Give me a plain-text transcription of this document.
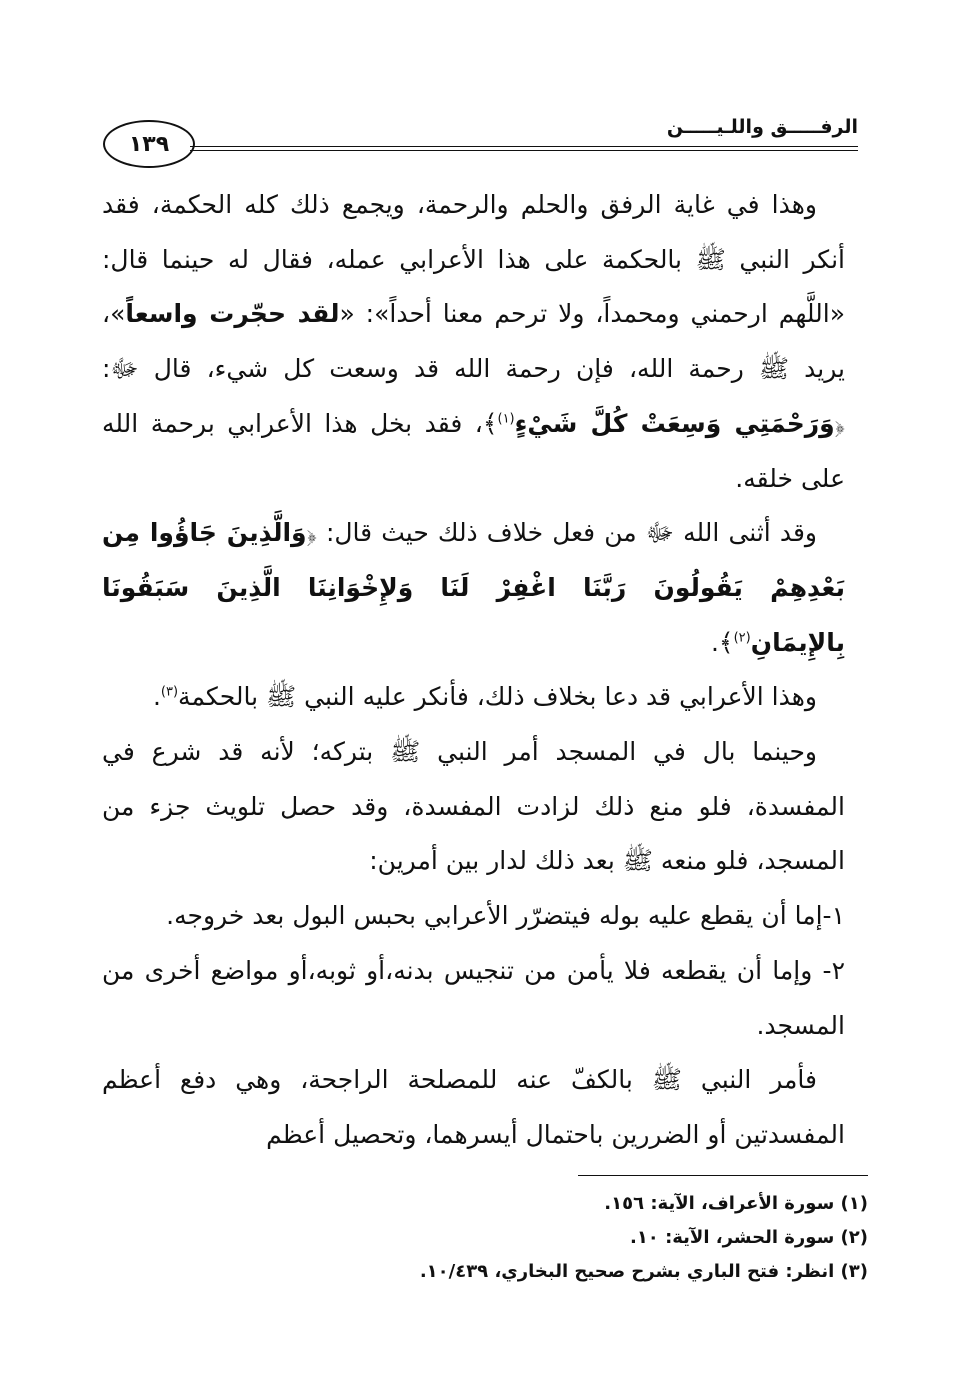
الرفـــــق واللـيـــــن
١٣٩

وهذا في غاية الرفق والحلم والرحمة، ويجمع ذلك كله الحكمة، فقد أنكر النبي ﷺ بالحكمة على هذا الأعرابي عمله، فقال له حينما قال: «اللَّهم ارحمني ومحمداً، ولا ترحم معنا أحداً»: «لقد حجّرت واسعاً»، يريد ﷺ رحمة الله، فإن رحمة الله قد وسعت كل شيء، قال ﷻ: ﴿وَرَحْمَتِي وَسِعَتْ كُلَّ شَيْءٍ$^{(١)}$﴾، فقد بخل هذا الأعرابي برحمة الله على خلقه.

وقد أثنى الله ﷻ من فعل خلاف ذلك حيث قال: ﴿وَالَّذِينَ جَاؤُوا مِن بَعْدِهِمْ يَقُولُونَ رَبَّنَا اغْفِرْ لَنَا وَلإِخْوَانِنَا الَّذِينَ سَبَقُونَا بِالإِيمَانِ$^{(٢)}$﴾.

وهذا الأعرابي قد دعا بخلاف ذلك، فأنكر عليه النبي ﷺ بالحكمة$^{(٣)}$.

وحينما بال في المسجد أمر النبي ﷺ بتركه؛ لأنه قد شرع في المفسدة، فلو منع ذلك لزادت المفسدة، وقد حصل تلويث جزء من المسجد، فلو منعه ﷺ بعد ذلك لدار بين أمرين:

١-إما أن يقطع عليه بوله فيتضرّر الأعرابي بحبس البول بعد خروجه.

٢- وإما أن يقطعه فلا يأمن من تنجيس بدنه،أو ثوبه،أو مواضع أخرى من المسجد.

فأمر النبي ﷺ بالكفّ عنه للمصلحة الراجحة، وهي دفع أعظم المفسدتين أو الضررين باحتمال أيسرهما، وتحصيل أعظم

(١) سورة الأعراف، الآية: ١٥٦.
(٢) سورة الحشر، الآية: ١٠.
(٣) انظر: فتح الباري بشرح صحيح البخاري، ١٠/٤٣٩.
